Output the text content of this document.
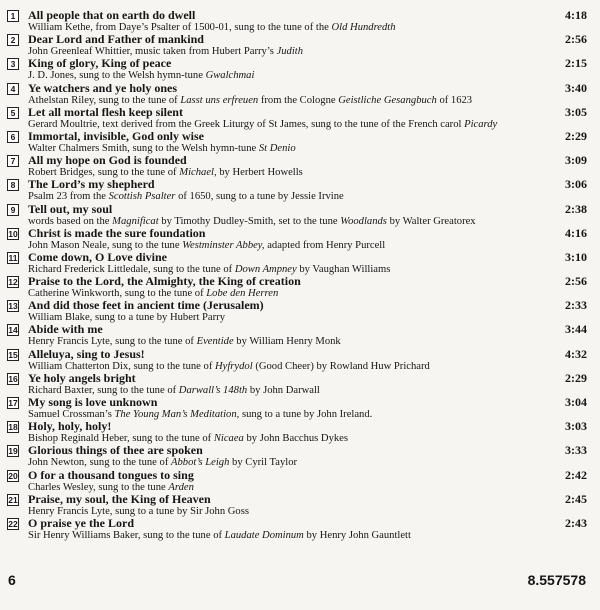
1	All people that on earth do dwell	4:18
William Kethe, from Daye’s Psalter of 1500-01, sung to the tune of the Old Hundredth
2	Dear Lord and Father of mankind	2:56
John Greenleaf Whittier, music taken from Hubert Parry’s Judith
3	King of glory, King of peace	2:15
J. D. Jones, sung to the Welsh hymn-tune Gwalchmai
4	Ye watchers and ye holy ones	3:40
Athelstan Riley, sung to the tune of Lasst uns erfreuen from the Cologne Geistliche Gesangbuch of 1623
5	Let all mortal flesh keep silent	3:05
Gerard Moultrie, text derived from the Greek Liturgy of St James, sung to the tune of the French carol Picardy
6	Immortal, invisible, God only wise	2:29
Walter Chalmers Smith, sung to the Welsh hymn-tune St Denio
7	All my hope on God is founded	3:09
Robert Bridges, sung to the tune of Michael, by Herbert Howells
8	The Lord’s my shepherd	3:06
Psalm 23 from the Scottish Psalter of 1650, sung to a tune by Jessie Irvine
9	Tell out, my soul	2:38
words based on the Magnificat by Timothy Dudley-Smith, set to the tune Woodlands by Walter Greatorex
10 Christ is made the sure foundation	4:16
John Mason Neale, sung to the tune Westminster Abbey, adapted from Henry Purcell
11 Come down, O Love divine	3:10
Richard Frederick Littledale, sung to the tune of Down Ampney by Vaughan Williams
12 Praise to the Lord, the Almighty, the King of creation	2:56
Catherine Winkworth, sung to the tune of Lobe den Herren
13 And did those feet in ancient time (Jerusalem)	2:33
William Blake, sung to a tune by Hubert Parry
14 Abide with me	3:44
Henry Francis Lyte, sung to the tune of Eventide by William Henry Monk
15 Alleluya, sing to Jesus!	4:32
William Chatterton Dix, sung to the tune of Hyfrydol (Good Cheer) by Rowland Huw Prichard
16 Ye holy angels bright	2:29
Richard Baxter, sung to the tune of Darwall’s 148th by John Darwall
17 My song is love unknown	3:04
Samuel Crossman’s The Young Man’s Meditation, sung to a tune by John Ireland.
18 Holy, holy, holy!	3:03
Bishop Reginald Heber, sung to the tune of Nicaea by John Bacchus Dykes
19 Glorious things of thee are spoken	3:33
John Newton, sung to the tune of Abbot’s Leigh by Cyril Taylor
20 O for a thousand tongues to sing	2:42
Charles Wesley, sung to the tune Arden
21 Praise, my soul, the King of Heaven	2:45
Henry Francis Lyte, sung to a tune by Sir John Goss
22 O praise ye the Lord	2:43
Sir Henry Williams Baker, sung to the tune of Laudate Dominum by Henry John Gauntlett
6	8.557578
